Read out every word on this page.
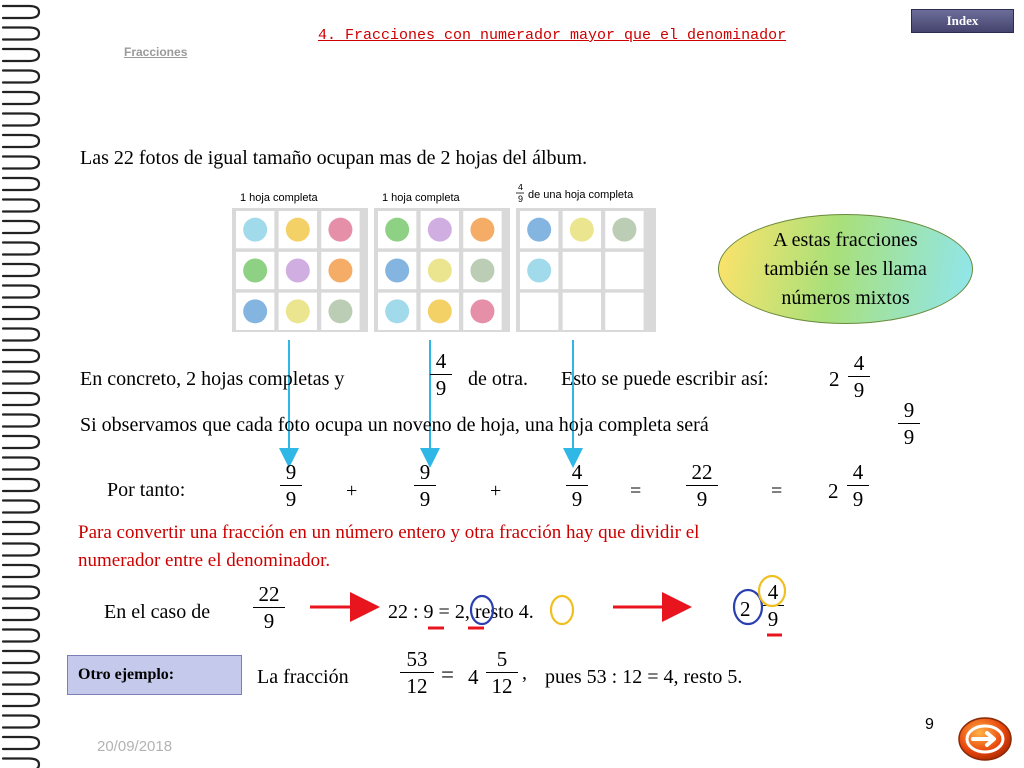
4. Fracciones con numerador mayor que el denominador
Fracciones
Index
Las 22 fotos de igual tamaño ocupan mas de 2 hojas del álbum.
1 hoja completa	1 hoja completa
4
9 de una hoja completa
A estas fracciones
también se les llama
números mixtos
En concreto, 2 hojas completas y
4
9 de otra. Esto se puede escribir así:	2
4
9
Si observamos que cada foto ocupa un noveno de hoja, una hoja completa será
9
9
Por tanto:
9
9 +
9
9	+
4
9 =
22
9	= 2
4
9
Para convertir una fracción en un número entero y otra fracción hay que dividir el
numerador entre el denominador.
En el caso de
22
9	22 : 9 = 2, resto 4.	2
4
9
Otro ejemplo:	La fracción
53
12 = 4
5
12
, pues 53 : 12 = 4, resto 5.
9
20/09/2018
